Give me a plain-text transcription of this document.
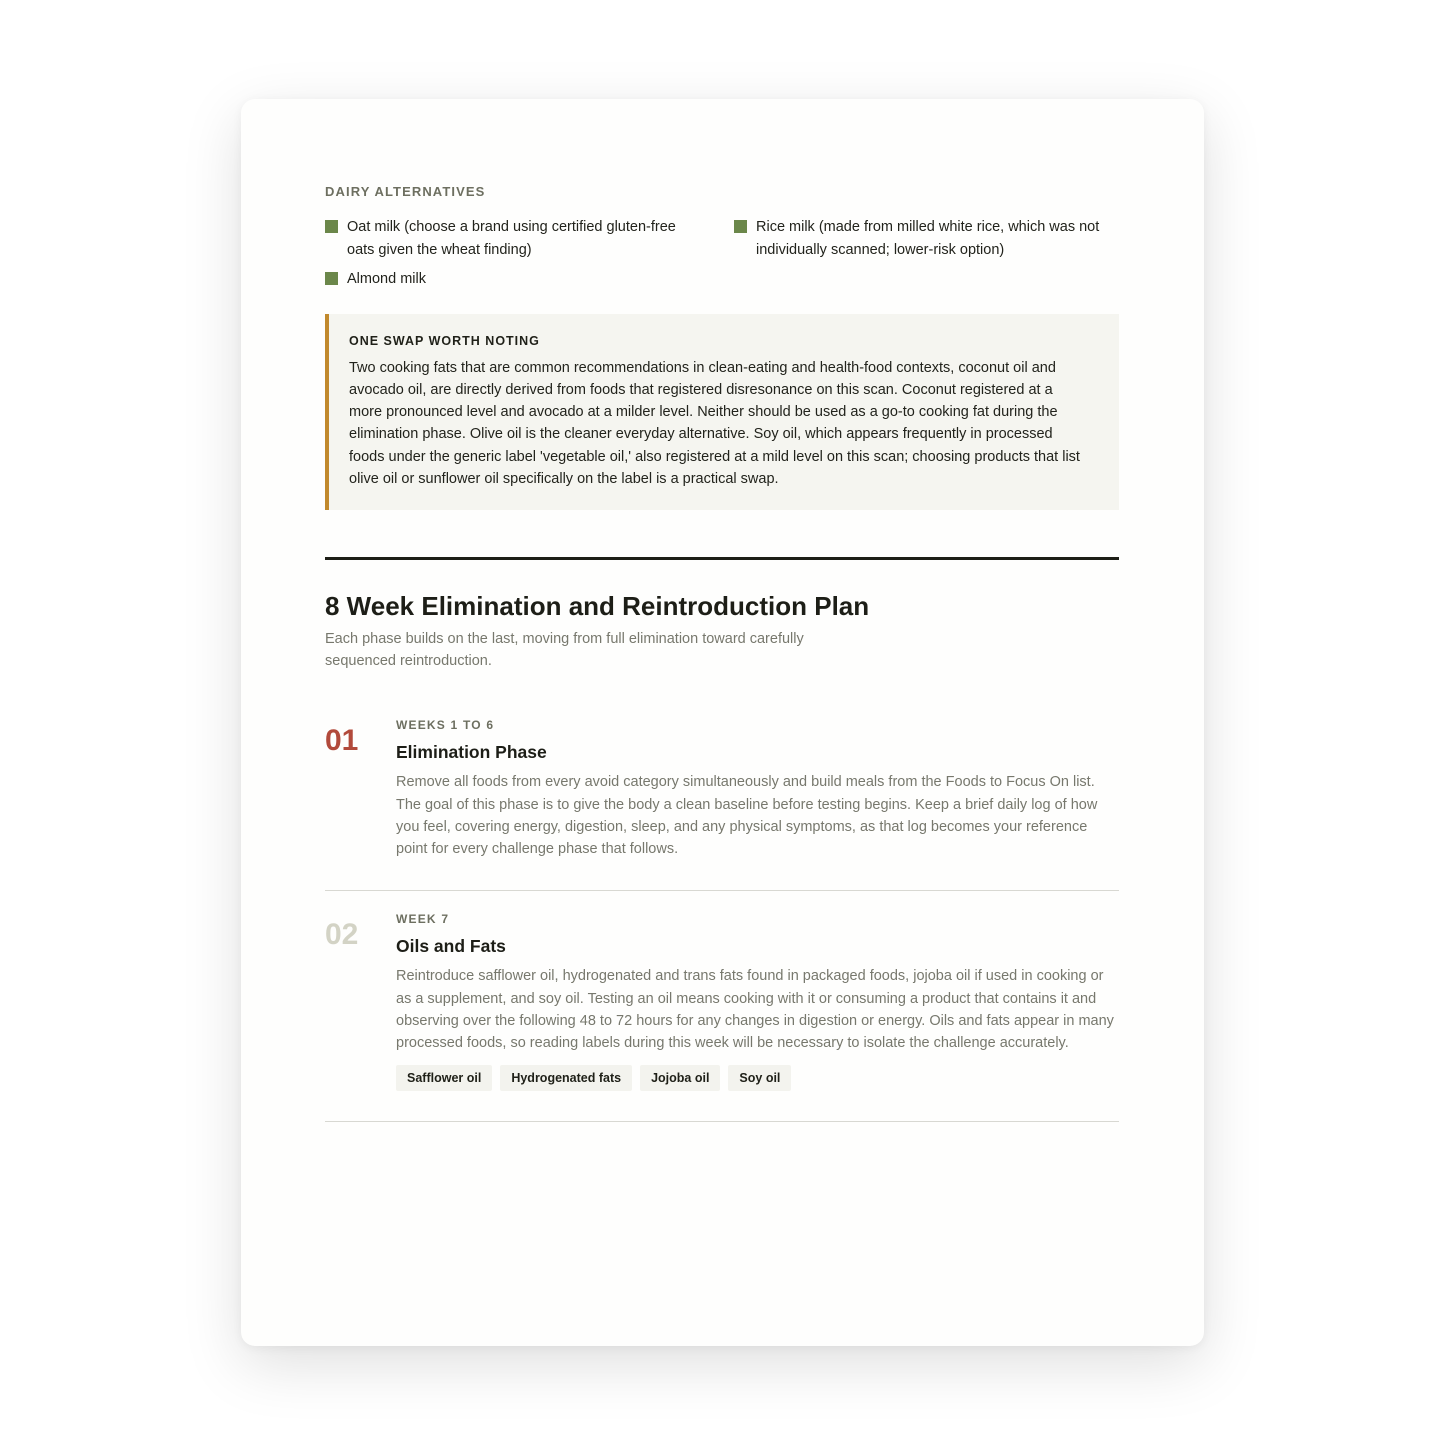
DAIRY ALTERNATIVES
Oat milk (choose a brand using certified gluten-free oats given the wheat finding)
Rice milk (made from milled white rice, which was not individually scanned; lower-risk option)
Almond milk
ONE SWAP WORTH NOTING
Two cooking fats that are common recommendations in clean-eating and health-food contexts, coconut oil and avocado oil, are directly derived from foods that registered disresonance on this scan. Coconut registered at a more pronounced level and avocado at a milder level. Neither should be used as a go-to cooking fat during the elimination phase. Olive oil is the cleaner everyday alternative. Soy oil, which appears frequently in processed foods under the generic label 'vegetable oil,' also registered at a mild level on this scan; choosing products that list olive oil or sunflower oil specifically on the label is a practical swap.
8 Week Elimination and Reintroduction Plan
Each phase builds on the last, moving from full elimination toward carefully sequenced reintroduction.
01	WEEKS 1 TO 6
Elimination Phase
Remove all foods from every avoid category simultaneously and build meals from the Foods to Focus On list. The goal of this phase is to give the body a clean baseline before testing begins. Keep a brief daily log of how you feel, covering energy, digestion, sleep, and any physical symptoms, as that log becomes your reference point for every challenge phase that follows.
02	WEEK 7
Oils and Fats
Reintroduce safflower oil, hydrogenated and trans fats found in packaged foods, jojoba oil if used in cooking or as a supplement, and soy oil. Testing an oil means cooking with it or consuming a product that contains it and observing over the following 48 to 72 hours for any changes in digestion or energy. Oils and fats appear in many processed foods, so reading labels during this week will be necessary to isolate the challenge accurately.
Safflower oil	Hydrogenated fats	Jojoba oil	Soy oil
